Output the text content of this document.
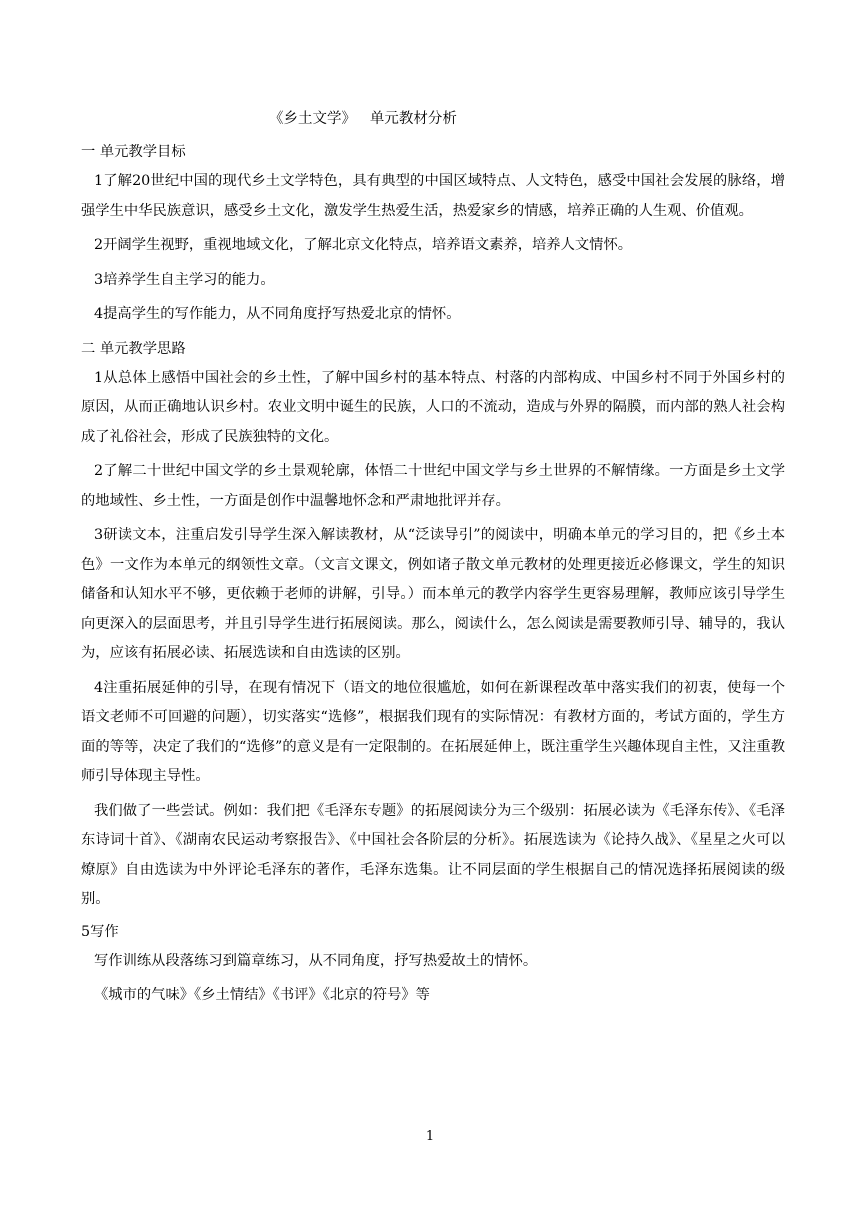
《乡土文学》   单元教材分析
一 单元教学目标

1了解20世纪中国的现代乡土文学特色，具有典型的中国区域特点、人文特色，感受中国社会发展的脉络，增强学生中华民族意识，感受乡土文化，激发学生热爱生活，热爱家乡的情感，培养正确的人生观、价值观。

2开阔学生视野，重视地域文化，了解北京文化特点，培养语文素养，培养人文情怀。

3培养学生自主学习的能力。

4提高学生的写作能力，从不同角度抒写热爱北京的情怀。

二 单元教学思路

1从总体上感悟中国社会的乡土性，了解中国乡村的基本特点、村落的内部构成、中国乡村不同于外国乡村的原因，从而正确地认识乡村。农业文明中诞生的民族，人口的不流动，造成与外界的隔膜，而内部的熟人社会构成了礼俗社会，形成了民族独特的文化。

2了解二十世纪中国文学的乡土景观轮廓，体悟二十世纪中国文学与乡土世界的不解情缘。一方面是乡土文学的地域性、乡土性，一方面是创作中温馨地怀念和严肃地批评并存。

3研读文本，注重启发引导学生深入解读教材，从“泛读导引”的阅读中，明确本单元的学习目的，把《乡土本色》一文作为本单元的纲领性文章。（文言文课文，例如诸子散文单元教材的处理更接近必修课文，学生的知识储备和认知水平不够，更依赖于老师的讲解，引导。）而本单元的教学内容学生更容易理解，教师应该引导学生向更深入的层面思考，并且引导学生进行拓展阅读。那么，阅读什么，怎么阅读是需要教师引导、辅导的，我认为，应该有拓展必读、拓展选读和自由选读的区别。

4注重拓展延伸的引导，在现有情况下（语文的地位很尴尬，如何在新课程改革中落实我们的初衷，使每一个语文老师不可回避的问题），切实落实“选修”，根据我们现有的实际情况：有教材方面的，考试方面的，学生方面的等等，决定了我们的“选修”的意义是有一定限制的。在拓展延伸上，既注重学生兴趣体现自主性，又注重教师引导体现主导性。

我们做了一些尝试。例如：我们把《毛泽东专题》的拓展阅读分为三个级别：拓展必读为《毛泽东传》、《毛泽东诗词十首》、《湖南农民运动考察报告》、《中国社会各阶层的分析》。拓展选读为《论持久战》、《星星之火可以燎原》自由选读为中外评论毛泽东的著作，毛泽东选集。让不同层面的学生根据自己的情况选择拓展阅读的级别。

5写作

写作训练从段落练习到篇章练习，从不同角度，抒写热爱故土的情怀。

《城市的气味》《乡土情结》《书评》《北京的符号》等

1
